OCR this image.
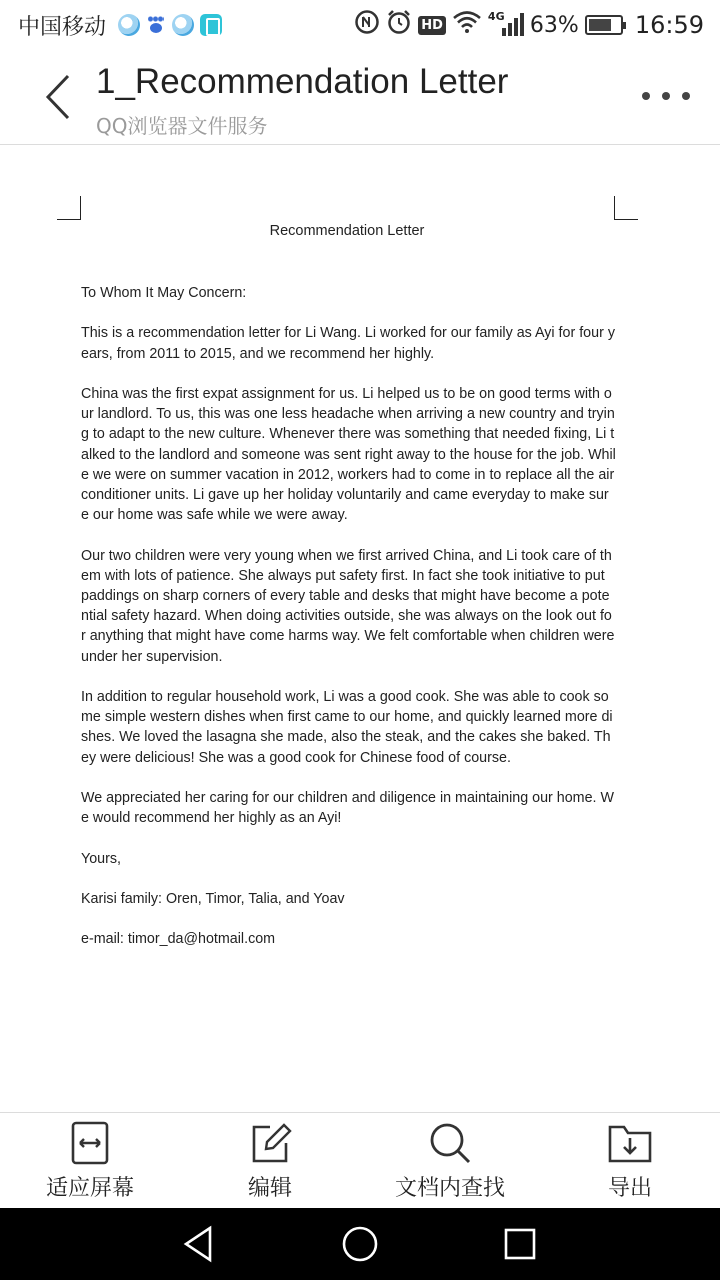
中国移动	HD
4G 63% 16:59
1_Recommendation Letter
QQ浏览器文件服务
Recommendation Letter

To Whom It May Concern:

This is a recommendation letter for Li Wang. Li worked for our family as Ayi for four years, from 2011 to 2015, and we recommend her highly.

China was the first expat assignment for us. Li helped us to be on good terms with our landlord. To us, this was one less headache when arriving a new country and trying to adapt to the new culture. Whenever there was something that needed fixing, Li talked to the landlord and someone was sent right away to the house for the job. While we were on summer vacation in 2012, workers had to come in to replace all the air conditioner units. Li gave up her holiday voluntarily and came everyday to make sure our home was safe while we were away.

Our two children were very young when we first arrived China, and Li took care of them with lots of patience. She always put safety first. In fact she took initiative to put paddings on sharp corners of every table and desks that might have become a potential safety hazard. When doing activities outside, she was always on the look out for anything that might have come harms way. We felt comfortable when children were under her supervision.

In addition to regular household work, Li was a good cook. She was able to cook some simple western dishes when first came to our home, and quickly learned more dishes. We loved the lasagna she made, also the steak, and the cakes she baked. They were delicious! She was a good cook for Chinese food of course.

We appreciated her caring for our children and diligence in maintaining our home. We would recommend her highly as an Ayi!

Yours,

Karisi family: Oren, Timor, Talia, and Yoav

e-mail: timor_da@hotmail.com

适应屏幕	编辑	文档内查找	导出
